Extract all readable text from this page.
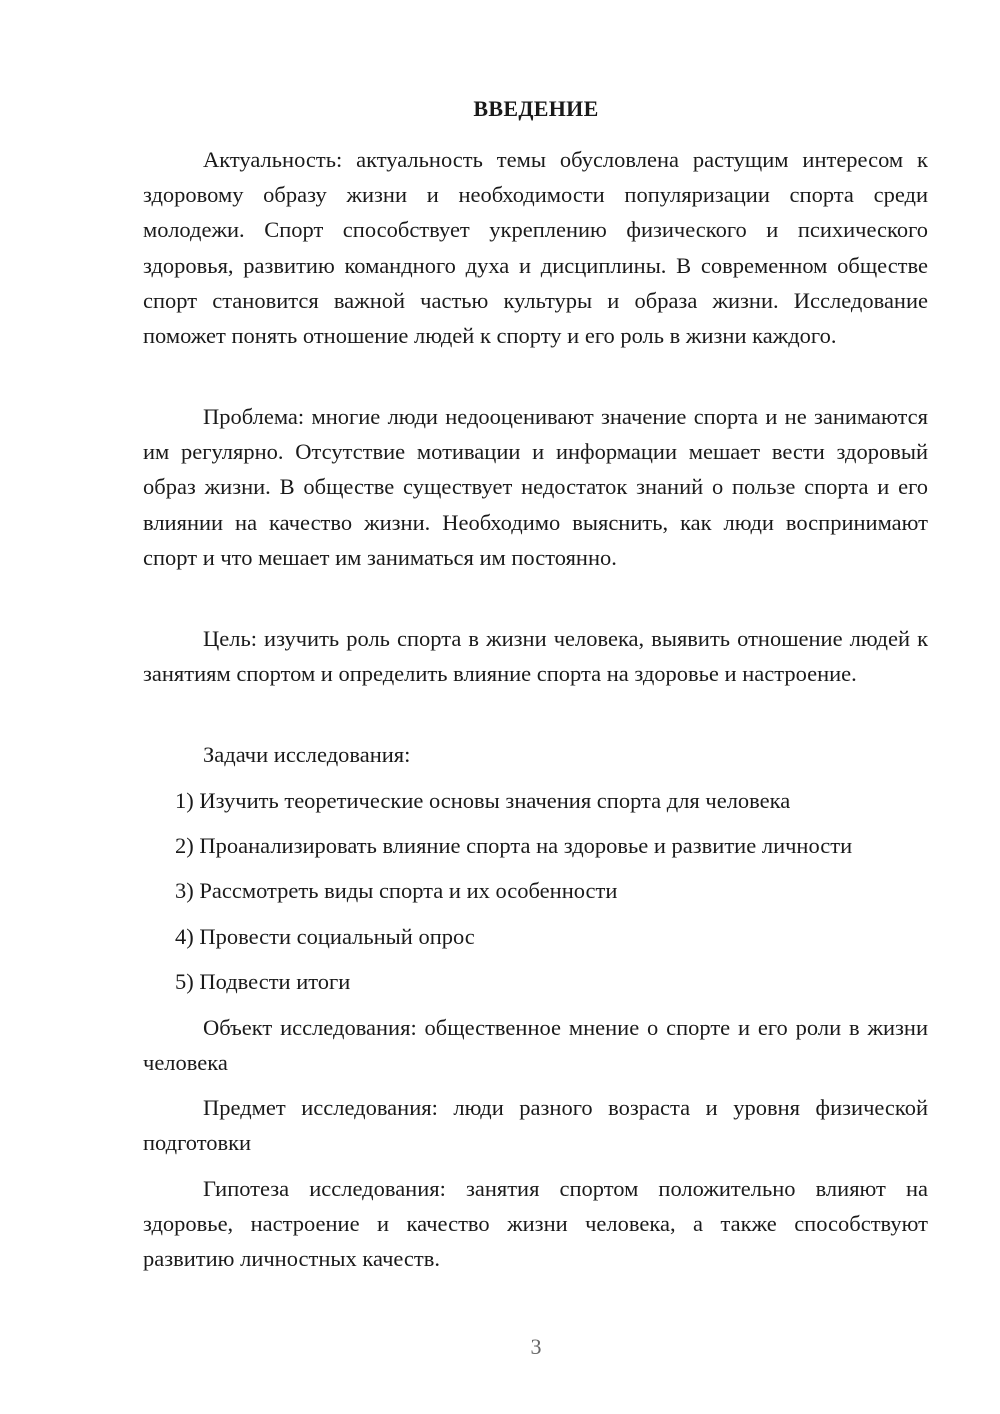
ВВЕДЕНИЕ

Актуальность: актуальность темы обусловлена растущим интересом к здоровому образу жизни и необходимости популяризации спорта среди молодежи. Спорт способствует укреплению физического и психического здоровья, развитию командного духа и дисциплины. В современном обществе спорт становится важной частью культуры и образа жизни. Исследование поможет понять отношение людей к спорту и его роль в жизни каждого.

Проблема: многие люди недооценивают значение спорта и не занимаются им регулярно. Отсутствие мотивации и информации мешает вести здоровый образ жизни. В обществе существует недостаток знаний о пользе спорта и его влиянии на качество жизни. Необходимо выяснить, как люди воспринимают спорт и что мешает им заниматься им постоянно.

Цель: изучить роль спорта в жизни человека, выявить отношение людей к занятиям спортом и определить влияние спорта на здоровье и настроение.

Задачи исследования:

1) Изучить теоретические основы значения спорта для человека

2) Проанализировать влияние спорта на здоровье и развитие личности

3) Рассмотреть виды спорта и их особенности

4) Провести социальный опрос

5) Подвести итоги

Объект исследования: общественное мнение о спорте и его роли в жизни человека

Предмет исследования: люди разного возраста и уровня физической подготовки

Гипотеза исследования: занятия спортом положительно влияют на здоровье, настроение и качество жизни человека, а также способствуют развитию личностных качеств.

3
